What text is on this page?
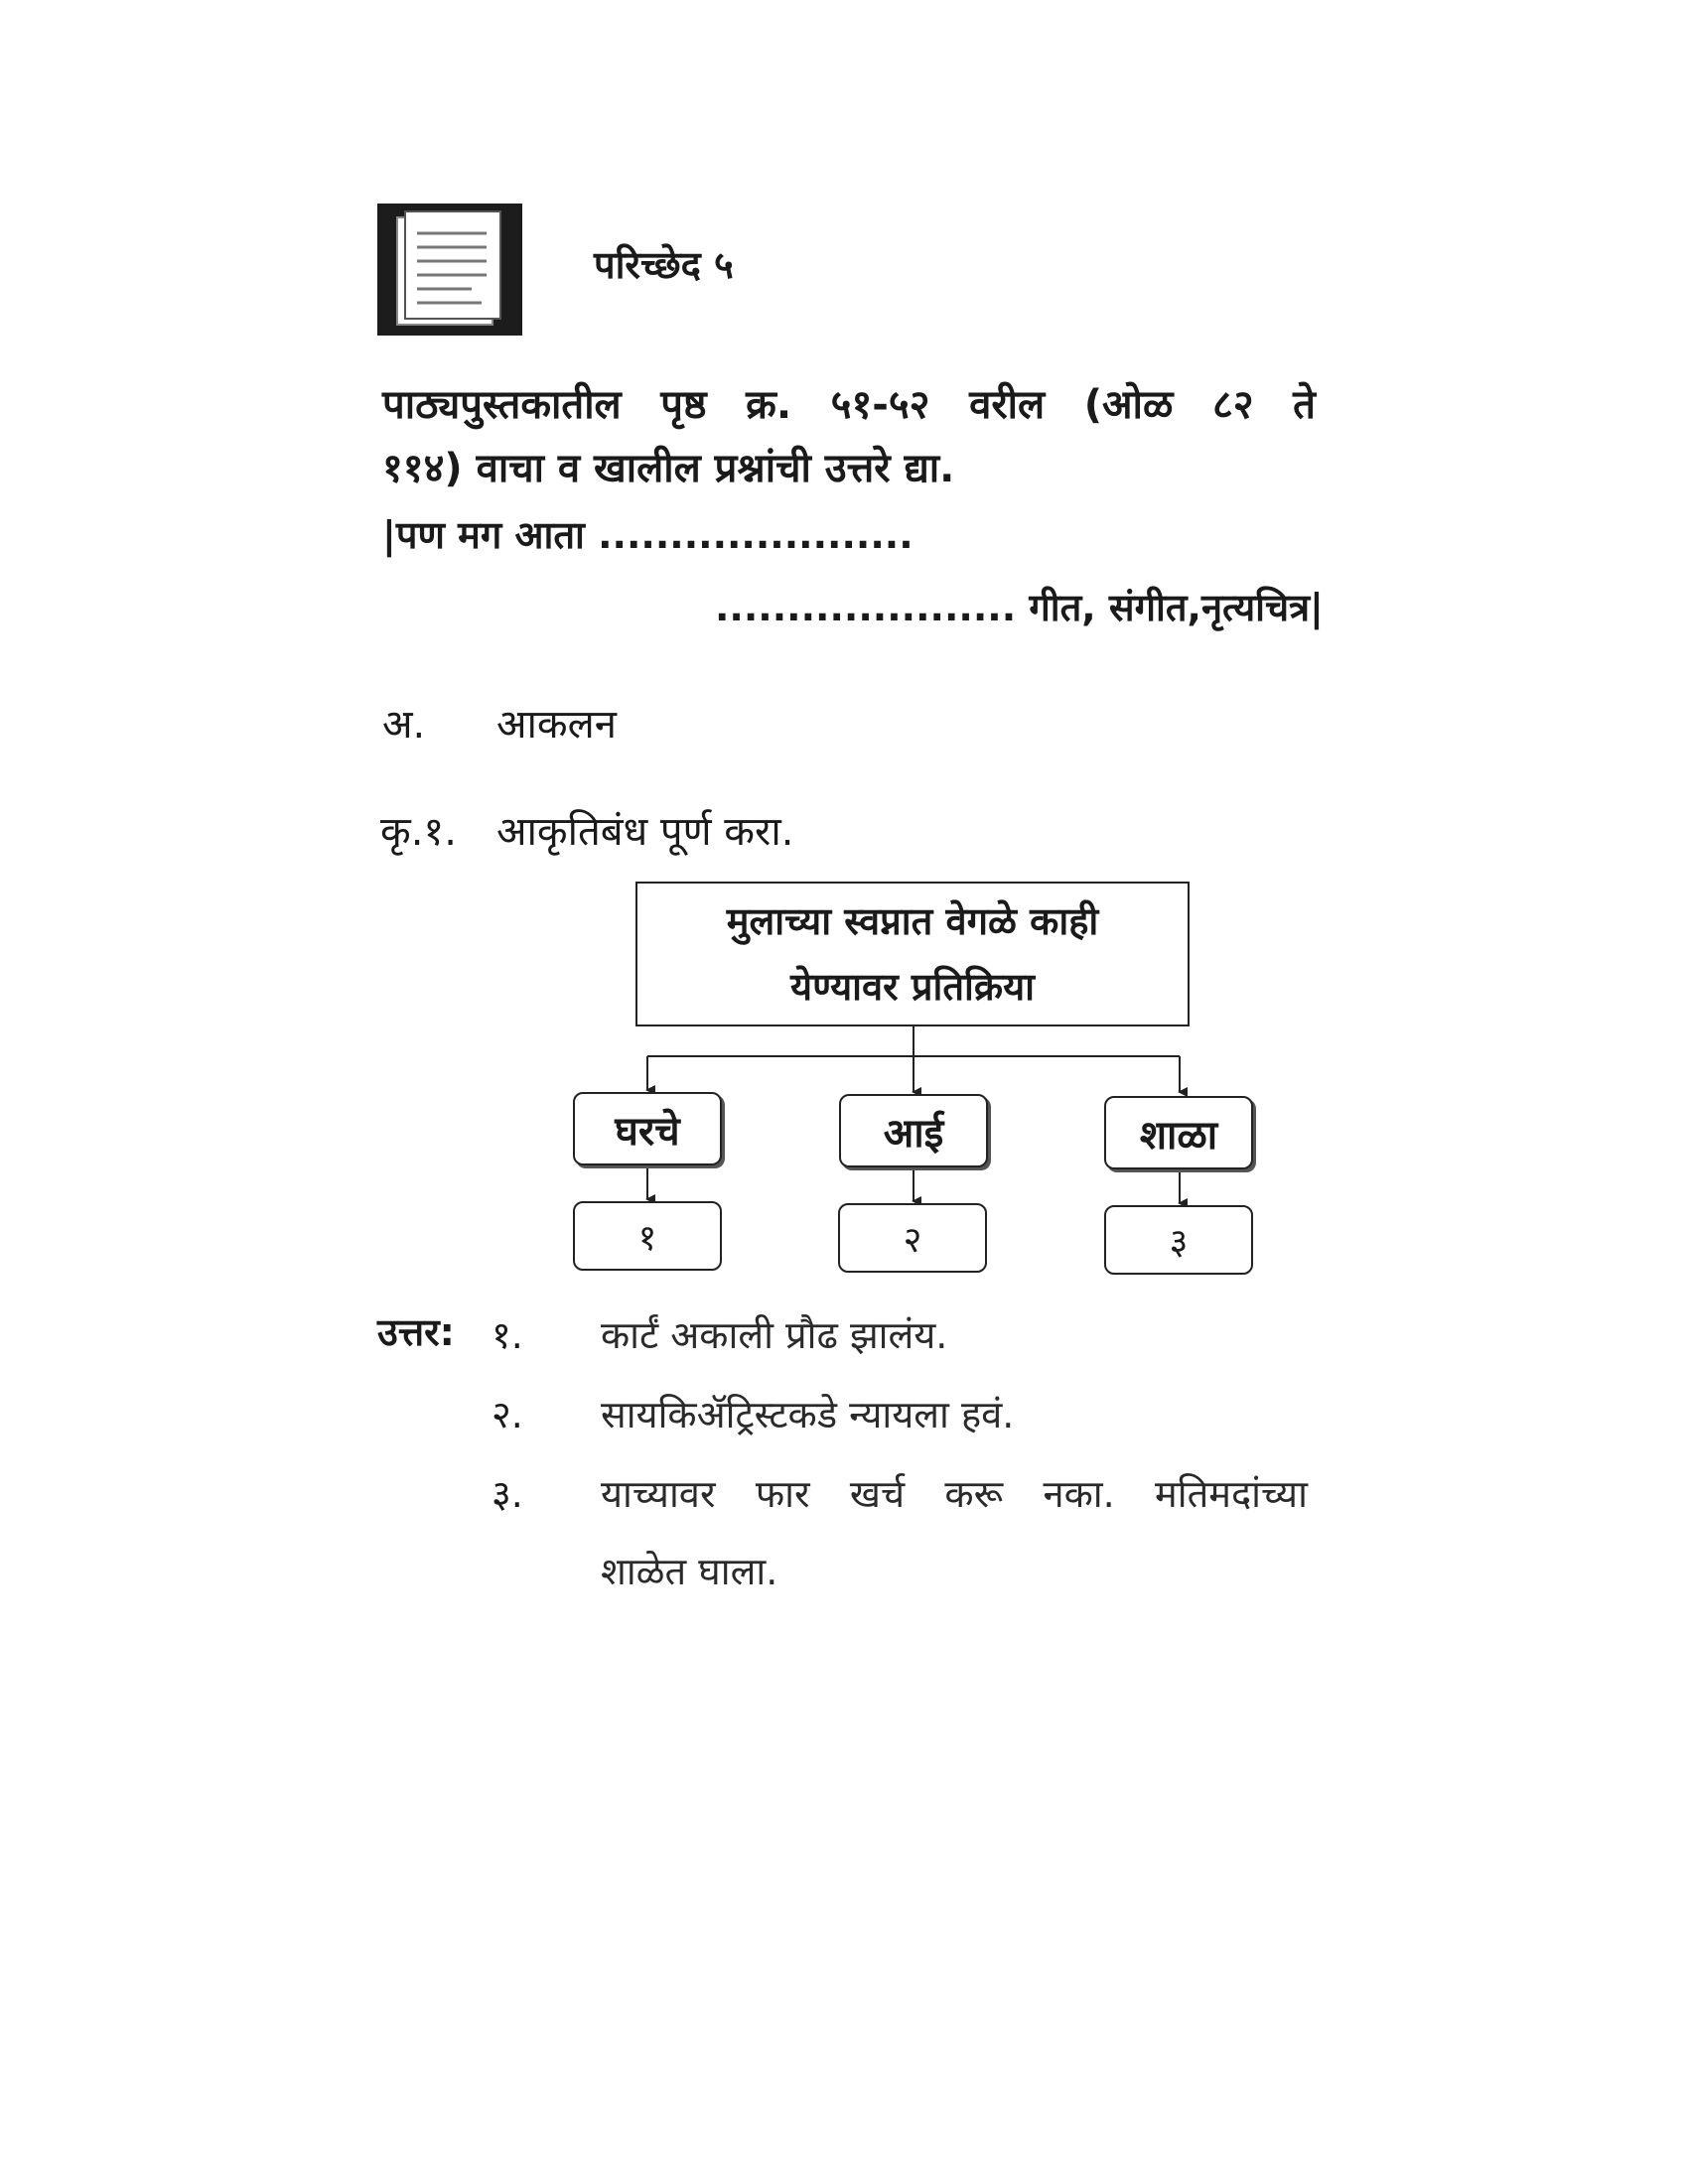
परिच्छेद ५
पाठ्यपुस्तकातील पृष्ठ क्र. ५१-५२ वरील (ओळ ८२ ते
११४) वाचा व खालील प्रश्नांची उत्तरे द्या.
|पण मग आता ......................
..................... गीत, संगीत,नृत्यचित्र|
अ. आकलन
कृ.१. आकृतिबंध पूर्ण करा.
मुलाच्या स्वप्नात वेगळे काही
येण्यावर प्रतिक्रिया
घरचे	आई	शाळा
१	२	३
उत्तर: १. कार्टं अकाली प्रौढ झालंय.
२. सायकिॲट्रिस्टकडे न्यायला हवं.
३. याच्यावर फार खर्च करू नका. मतिमदांच्या
शाळेत घाला.
